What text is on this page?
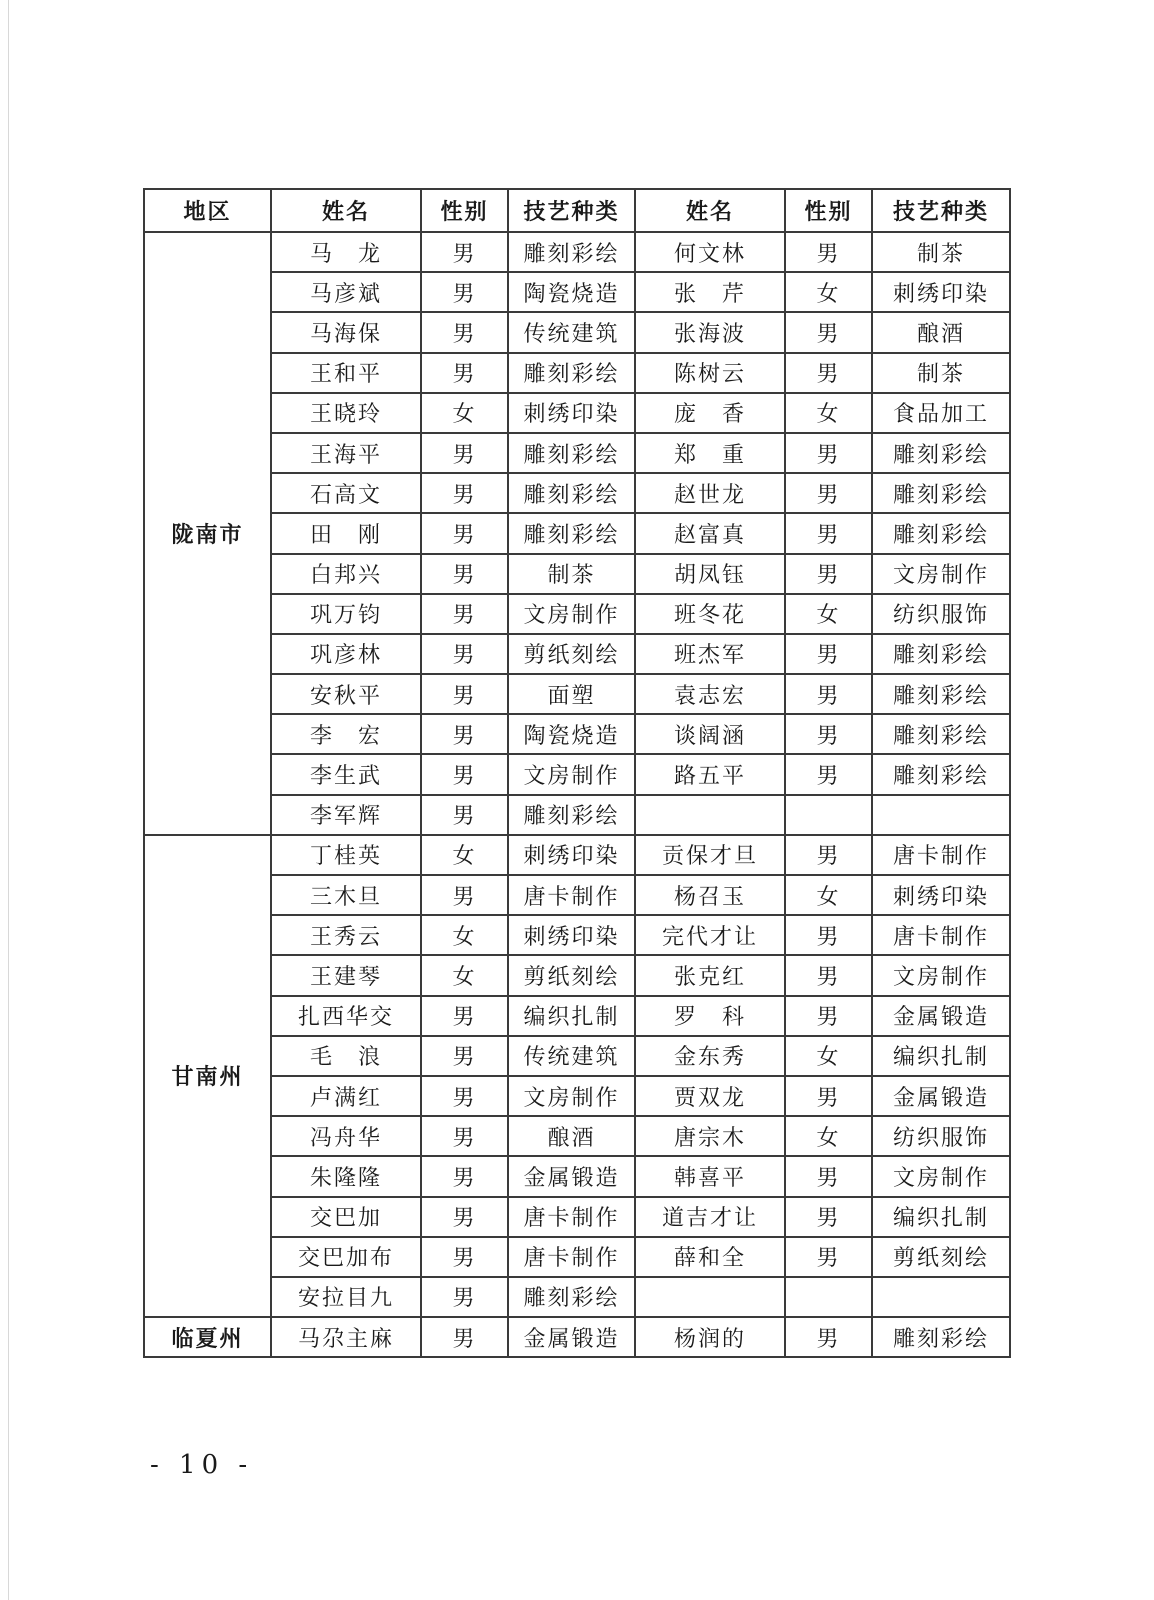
地区	姓名	性别	技艺种类	姓名	性别	技艺种类
陇南市	马　龙	男	雕刻彩绘	何文林	男	制茶
	马彦斌	男	陶瓷烧造	张　芹	女	刺绣印染
	马海保	男	传统建筑	张海波	男	酿酒
	王和平	男	雕刻彩绘	陈树云	男	制茶
	王晓玲	女	刺绣印染	庞　香	女	食品加工
	王海平	男	雕刻彩绘	郑　重	男	雕刻彩绘
	石高文	男	雕刻彩绘	赵世龙	男	雕刻彩绘
	田　刚	男	雕刻彩绘	赵富真	男	雕刻彩绘
	白邦兴	男	制茶	胡凤钰	男	文房制作
	巩万钧	男	文房制作	班冬花	女	纺织服饰
	巩彦林	男	剪纸刻绘	班杰军	男	雕刻彩绘
	安秋平	男	面塑	袁志宏	男	雕刻彩绘
	李　宏	男	陶瓷烧造	谈阔涵	男	雕刻彩绘
	李生武	男	文房制作	路五平	男	雕刻彩绘
	李军辉	男	雕刻彩绘			
甘南州	丁桂英	女	刺绣印染	贡保才旦	男	唐卡制作
	三木旦	男	唐卡制作	杨召玉	女	刺绣印染
	王秀云	女	刺绣印染	完代才让	男	唐卡制作
	王建琴	女	剪纸刻绘	张克红	男	文房制作
	扎西华交	男	编织扎制	罗　科	男	金属锻造
	毛　浪	男	传统建筑	金东秀	女	编织扎制
	卢满红	男	文房制作	贾双龙	男	金属锻造
	冯舟华	男	酿酒	唐宗木	女	纺织服饰
	朱隆隆	男	金属锻造	韩喜平	男	文房制作
	交巴加	男	唐卡制作	道吉才让	男	编织扎制
	交巴加布	男	唐卡制作	薛和全	男	剪纸刻绘
	安拉目九	男	雕刻彩绘			
临夏州	马尕主麻	男	金属锻造	杨润的	男	雕刻彩绘
- 10 -
